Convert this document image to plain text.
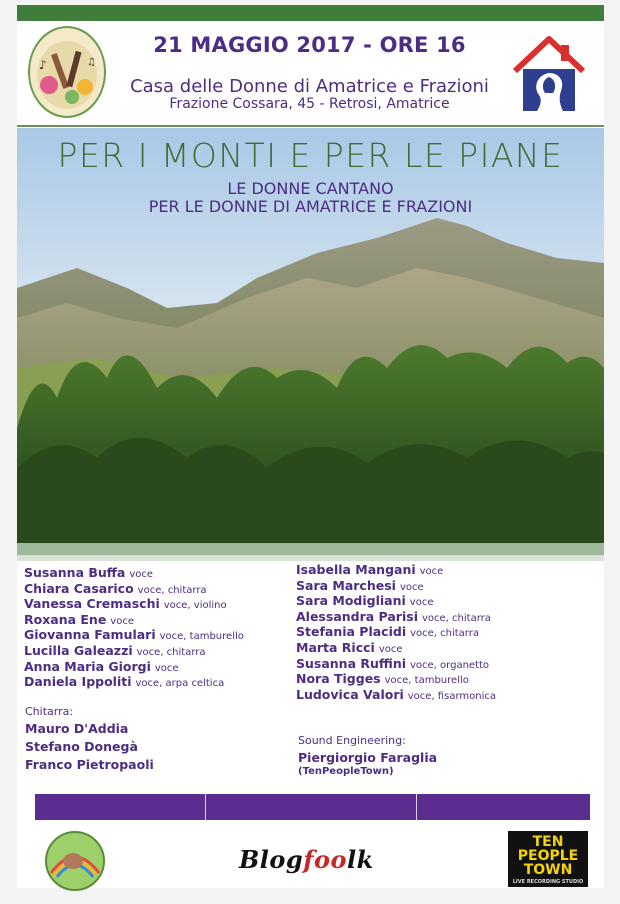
♪	♫
21 MAGGIO 2017 - ORE 16
Casa delle Donne di Amatrice e Frazioni
Frazione Cossara, 45 - Retrosi, Amatrice
PER I MONTI E PER LE PIANE
LE DONNE CANTANO
PER LE DONNE DI AMATRICE E FRAZIONI
Susanna Buffa voce
Chiara Casarico voce, chitarra
Vanessa Cremaschi voce, violino
Roxana Ene voce
Giovanna Famulari voce, tamburello
Lucilla Galeazzi voce, chitarra
Anna Maria Giorgi voce
Daniela Ippoliti voce, arpa celtica
Isabella Mangani voce
Sara Marchesi voce
Sara Modigliani voce
Alessandra Parisi voce, chitarra
Stefania Placidi voce, chitarra
Marta Ricci voce
Susanna Ruffini voce, organetto
Nora Tigges voce, tamburello
Ludovica Valori voce, fisarmonica
Chitarra:
Mauro D'Addia
Stefano Donegà
Franco Pietropaoli
Sound Engineering:
Piergiorgio Faraglia
(TenPeopleTown)
Blogfoolk
TEN
PEOPLE
TOWN
LIVE RECORDING STUDIO
